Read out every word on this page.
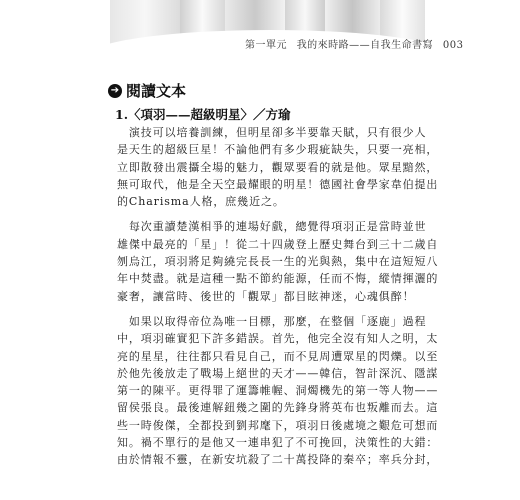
第一單元 我的來時路——自我生命書寫 003
➔ 閱讀文本
1.〈項羽——超級明星〉／方瑜
　演技可以培養訓練，但明星卻多半要靠天賦，只有很少人
是天生的超級巨星！不論他們有多少瑕疵缺失，只要一亮相，
立即散發出震攝全場的魅力，觀眾要看的就是他。眾星黯然，
無可取代，他是全天空最耀眼的明星！德國社會學家韋伯提出
的Charisma人格，庶幾近之。
　每次重讀楚漢相爭的連場好戲，總覺得項羽正是當時並世
雄傑中最亮的「星」！從二十四歲登上歷史舞台到三十二歲自
刎烏江，項羽將足夠繞完長長一生的光與熱，集中在這短短八
年中焚盡。就是這種一點不節約能源，任而不悔，縱情揮灑的
豪奢，讓當時、後世的「觀眾」都目眩神迷，心魂俱醉！
　如果以取得帝位為唯一目標，那麼，在整個「逐鹿」過程
中，項羽確實犯下許多錯誤。首先，他完全沒有知人之明，太
亮的星星，往往都只看見自己，而不見周遭眾星的閃爍。以至
於他先後放走了戰場上絕世的天才——韓信，智計深沉、隱謀
第一的陳平。更得罪了運籌帷幄、洞燭機先的第一等人物——
留侯張良。最後連解鈕幾之圍的先鋒身將英布也叛離而去。這
些一時俊傑，全都投到劉邦麾下，項羽日後處境之艱危可想而
知。禍不單行的是他又一連串犯了不可挽回，決策性的大錯：
由於情報不靈，在新安坑殺了二十萬投降的秦卒；率兵分封，
